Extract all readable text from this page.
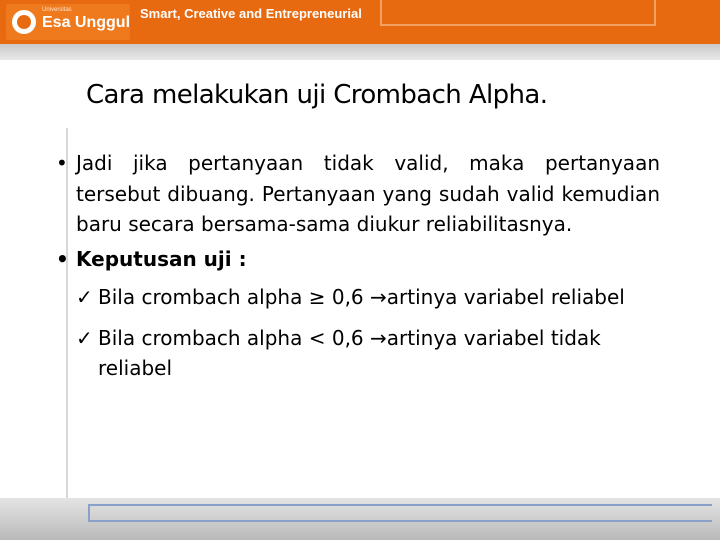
Universitas
Esa Unggul
Smart, Creative and Entrepreneurial
Cara melakukan uji Crombach Alpha.

• Jadi jika pertanyaan tidak valid, maka pertanyaan tersebut dibuang. Pertanyaan yang sudah valid kemudian baru secara bersama-sama diukur reliabilitasnya.

• Keputusan uji :

✓ Bila crombach alpha ≥ 0,6 →artinya variabel reliabel

✓ Bila crombach alpha < 0,6 →artinya variabel tidak reliabel
